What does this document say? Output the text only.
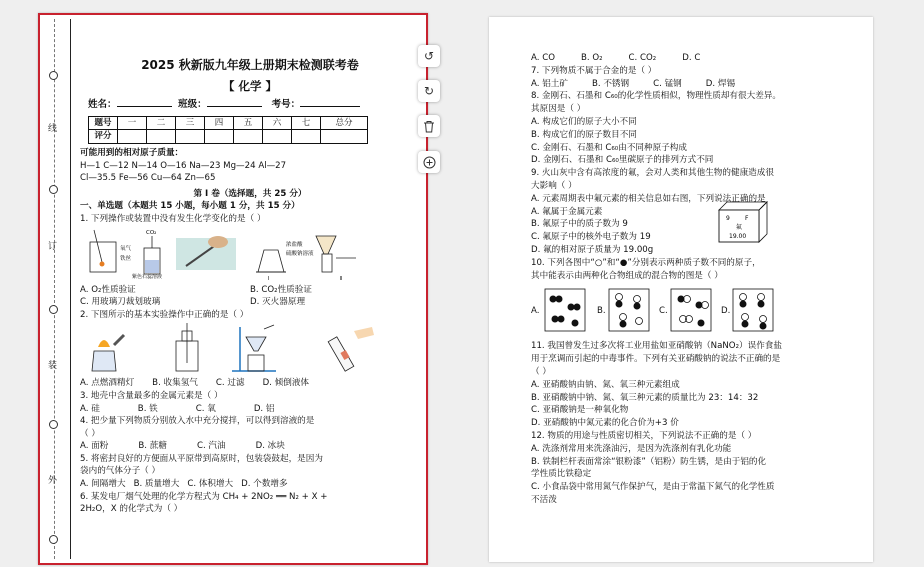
线
订
装
外
2025 秋新版九年级上册期末检测联考卷
【 化学 】
姓名：	班级：	考号：
题号	一	二	三	四	五	六	七	总分
评分								
可能用到的相对原子质量：
H—1 C—12 N—14 O—16 Na—23 Mg—24 Al—27
Cl—35.5 Fe—56 Cu—64 Zn—65
第 Ⅰ 卷（选择题，共 25 分）
一、单选题（本题共 15 小题，每小题 1 分，共 15 分）
1. 下列操作或装置中没有发生化学变化的是（ ）
氧气
铁丝
CO₂
紫色石蕊溶液
浓盐酸
硫酸钠溶液
Ⅰ	Ⅱ
A. O₂性质验证	B. CO₂性质验证
C. 用玻璃刀裁划玻璃	D. 灭火器原理
2. 下图所示的基本实验操作中正确的是（ ）
A. 点燃酒精灯 B. 收集氢气 C. 过滤 D. 倾倒液体
3. 地壳中含量最多的金属元素是（ ）
A. 硅	B. 铁	C. 氧	D. 铝
4. 把少量下列物质分别放入水中充分搅拌，可以得到溶液的是
（ ）
A. 面粉	B. 蔗糖	C. 汽油	D. 冰块
5. 将密封良好的方便面从平原带到高原时，包装袋鼓起，是因为
袋内的气体分子（ ）
A. 间隔增大 B. 质量增大 C. 体积增大 D. 个数增多
6. 某发电厂烟气处理的化学方程式为 CH₄ + 2NO₂ ══ N₂ + X +
2H₂O，X 的化学式为（ ）
↺
↻
A. CO	B. O₂	C. CO₂	D. C
7. 下列物质不属于合金的是（ ）
A. 铝土矿	B. 不锈钢	C. 锰钢	D. 焊锡
8. 金刚石、石墨和 C₆₀的化学性质相似，物理性质却有很大差异。
其原因是（ ）
A. 构成它们的原子大小不同
B. 构成它们的原子数目不同
C. 金刚石、石墨和 C₆₀由不同种原子构成
D. 金刚石、石墨和 C₆₀里碳原子的排列方式不同
9. 火山灰中含有高浓度的氟，会对人类和其他生物的健康造成很
大影响（ ）
A. 元素周期表中氟元素的相关信息如右图，下列说法正确的是
A. 氟属于金属元素
B. 氟原子中的质子数为 9
C. 氟原子中的核外电子数为 19
D. 氟的相对原子质量为 19.00g
9	F
氟
19.00
10. 下列各图中“○”和“●”分别表示两种质子数不同的原子，
其中能表示由两种化合物组成的混合物的图是（ ）
A.	B.	C.	D.
11. 我国曾发生过多次将工业用盐如亚硝酸钠（NaNO₂）误作食盐
用于烹调而引起的中毒事件。下列有关亚硝酸钠的说法不正确的是
（ ）
A. 亚硝酸钠由钠、氮、氧三种元素组成
B. 亚硝酸钠中钠、氮、氧三种元素的质量比为 23：14：32
C. 亚硝酸钠是一种氧化物
D. 亚硝酸钠中氮元素的化合价为+3 价
12. 物质的用途与性质密切相关，下列说法不正确的是（ ）
A. 洗涤剂常用来洗涤油污，是因为洗涤剂有乳化功能
B. 铁制栏杆表面常涂“银粉漆”（铝粉）防生锈，是由于铝的化
学性质比铁稳定
C. 小食品袋中常用氮气作保护气，是由于常温下氮气的化学性质
不活泼
